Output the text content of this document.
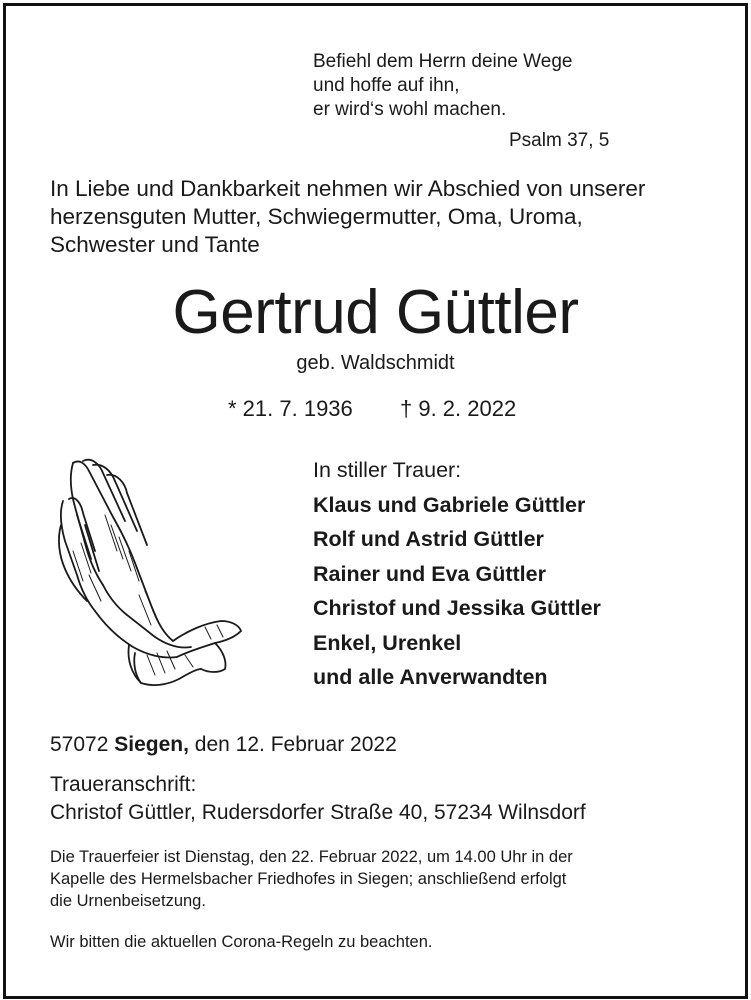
Befiehl dem Herrn deine Wege
und hoffe auf ihn,
er wird‘s wohl machen.
Psalm 37, 5
In Liebe und Dankbarkeit nehmen wir Abschied von unserer
herzensguten Mutter, Schwiegermutter, Oma, Uroma,
Schwester und Tante
Gertrud Güttler
geb. Waldschmidt
* 21. 7. 1936 † 9. 2. 2022
In stiller Trauer:
Klaus und Gabriele Güttler
Rolf und Astrid Güttler
Rainer und Eva Güttler
Christof und Jessika Güttler
Enkel, Urenkel
und alle Anverwandten
57072 Siegen, den 12. Februar 2022
Traueranschrift:
Christof Güttler, Rudersdorfer Straße 40, 57234 Wilnsdorf
Die Trauerfeier ist Dienstag, den 22. Februar 2022, um 14.00 Uhr in der
Kapelle des Hermelsbacher Friedhofes in Siegen; anschließend erfolgt
die Urnenbeisetzung.
Wir bitten die aktuellen Corona-Regeln zu beachten.
